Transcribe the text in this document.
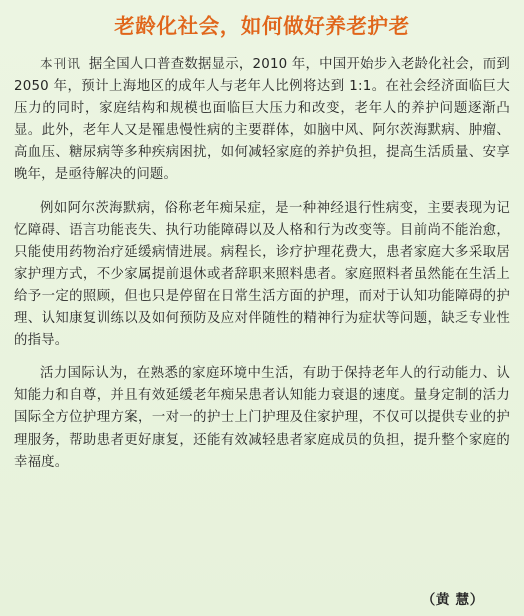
老龄化社会，如何做好养老护老

本刊讯 据全国人口普查数据显示，2010 年，中国开始步入老龄化社会，而到 2050 年，预计上海地区的成年人与老年人比例将达到 1:1。在社会经济面临巨大压力的同时，家庭结构和规模也面临巨大压力和改变，老年人的养护问题逐渐凸显。此外，老年人又是罹患慢性病的主要群体，如脑中风、阿尔茨海默病、肿瘤、高血压、糖尿病等多种疾病困扰，如何减轻家庭的养护负担，提高生活质量、安享晚年，是亟待解决的问题。

例如阿尔茨海默病，俗称老年痴呆症，是一种神经退行性病变，主要表现为记忆障碍、语言功能丧失、执行功能障碍以及人格和行为改变等。目前尚不能治愈，只能使用药物治疗延缓病情进展。病程长，诊疗护理花费大，患者家庭大多采取居家护理方式，不少家属提前退休或者辞职来照料患者。家庭照料者虽然能在生活上给予一定的照顾，但也只是停留在日常生活方面的护理，而对于认知功能障碍的护理、认知康复训练以及如何预防及应对伴随性的精神行为症状等问题，缺乏专业性的指导。

活力国际认为，在熟悉的家庭环境中生活，有助于保持老年人的行动能力、认知能力和自尊，并且有效延缓老年痴呆患者认知能力衰退的速度。量身定制的活力国际全方位护理方案，一对一的护士上门护理及住家护理，不仅可以提供专业的护理服务，帮助患者更好康复，还能有效减轻患者家庭成员的负担，提升整个家庭的幸福度。

（黄 慧）
